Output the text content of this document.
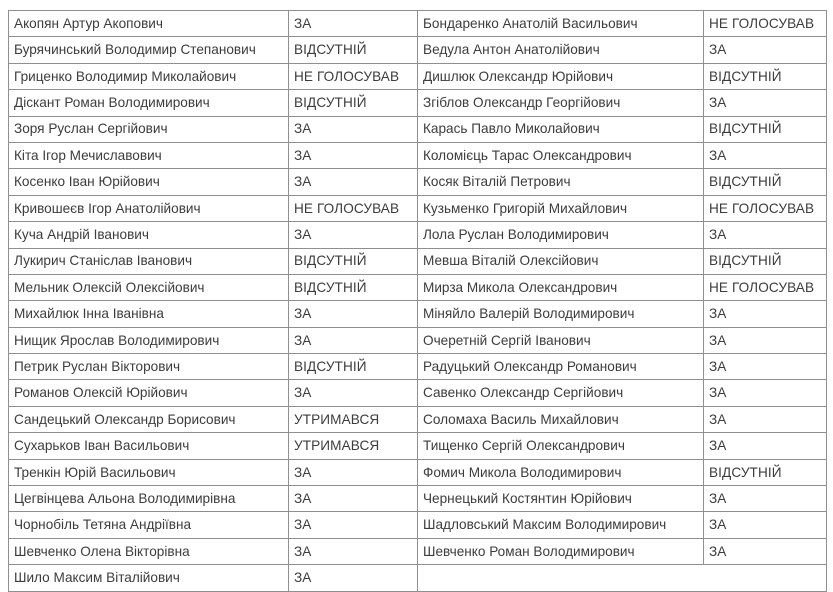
Акопян Артур Акопович	ЗА	Бондаренко Анатолій Васильович	НЕ ГОЛОСУВАВ
Бурячинський Володимир Степанович	ВІДСУТНІЙ	Ведула Антон Анатолійович	ЗА
Гриценко Володимир Миколайович	НЕ ГОЛОСУВАВ	Дишлюк Олександр Юрійович	ВІДСУТНІЙ
Діскант Роман Володимирович	ВІДСУТНІЙ	Згіблов Олександр Георгійович	ЗА
Зоря Руслан Сергійович	ЗА	Карась Павло Миколайович	ВІДСУТНІЙ
Кіта Ігор Мечиславович	ЗА	Коломієць Тарас Олександрович	ЗА
Косенко Іван Юрійович	ЗА	Косяк Віталій Петрович	ВІДСУТНІЙ
Кривошеєв Ігор Анатолійович	НЕ ГОЛОСУВАВ	Кузьменко Григорій Михайлович	НЕ ГОЛОСУВАВ
Куча Андрій Іванович	ЗА	Лола Руслан Володимирович	ЗА
Лукирич Станіслав Іванович	ВІДСУТНІЙ	Мевша Віталій Олексійович	ВІДСУТНІЙ
Мельник Олексій Олексійович	ВІДСУТНІЙ	Мирза Микола Олександрович	НЕ ГОЛОСУВАВ
Михайлюк Інна Іванівна	ЗА	Міняйло Валерій Володимирович	ЗА
Нищик Ярослав Володимирович	ЗА	Очеретній Сергій Іванович	ЗА
Петрик Руслан Вікторович	ВІДСУТНІЙ	Радуцький Олександр Романович	ЗА
Романов Олексій Юрійович	ЗА	Савенко Олександр Сергійович	ЗА
Сандецький Олександр Борисович	УТРИМАВСЯ	Соломаха Василь Михайлович	ЗА
Сухарьков Іван Васильович	УТРИМАВСЯ	Тищенко Сергій Олександрович	ЗА
Тренкін Юрій Васильович	ЗА	Фомич Микола Володимирович	ВІДСУТНІЙ
Цегвінцева Альона Володимирівна	ЗА	Чернецький Костянтин Юрійович	ЗА
Чорнобіль Тетяна Андріївна	ЗА	Шадловський Максим Володимирович	ЗА
Шевченко Олена Вікторівна	ЗА	Шевченко Роман Володимирович	ЗА
Шило Максим Віталійович	ЗА		
